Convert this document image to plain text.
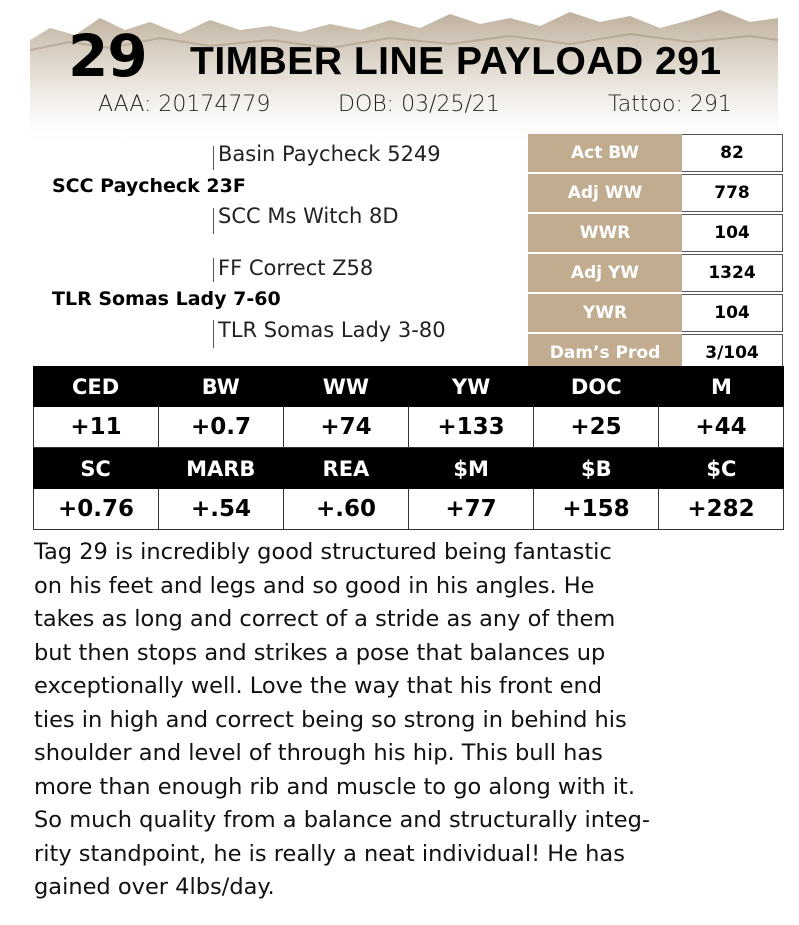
29 TIMBER LINE PAYLOAD 291
AAA: 20174779	DOB: 03/25/21	Tattoo: 291
Basin Paycheck 5249
SCC Paycheck 23F
SCC Ms Witch 8D
FF Correct Z58
TLR Somas Lady 7-60
TLR Somas Lady 3-80
Act BW	82
Adj WW	778
WWR	104
Adj YW	1324
YWR	104
Dam’s Prod	3/104
CED	BW	WW	YW	DOC	M
+11	+0.7	+74	+133	+25	+44
SC	MARB	REA	$M	$B	$C
+0.76	+.54	+.60	+77	+158	+282
Tag 29 is incredibly good structured being fantastic
on his feet and legs and so good in his angles. He
takes as long and correct of a stride as any of them
but then stops and strikes a pose that balances up
exceptionally well. Love the way that his front end
ties in high and correct being so strong in behind his
shoulder and level of through his hip. This bull has
more than enough rib and muscle to go along with it.
So much quality from a balance and structurally integ-
rity standpoint, he is really a neat individual! He has
gained over 4lbs/day.
